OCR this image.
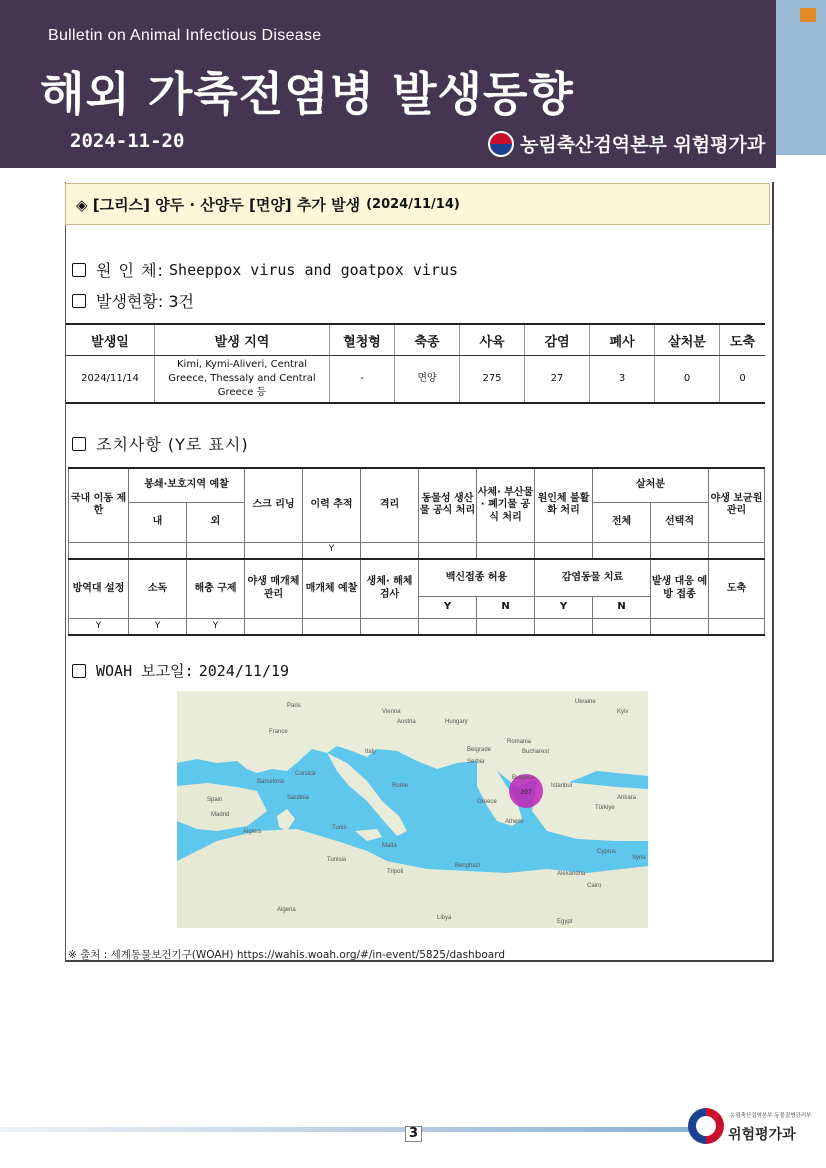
Bulletin on Animal Infectious Disease
해외 가축전염병 발생동향
2024-11-20	농림축산검역본부 위험평가과
◈ [그리스] 양두 · 산양두 [면양] 추가 발생 (2024/11/14)
원 인 체:
Sheeppox virus and goatpox virus
발생현황:
3건
발생일	발생 지역	혈청형	축종	사육	감염	폐사	살처분	도축
2024/11/14	Kimi, Kymi-Aliveri, Central Greece, Thessaly and Central Greece 등	-	면양	275	27	3	0	0
조치사항 (Y로 표시)
국내 이동 제한	봉쇄·보호지역 예찰		스크 리닝	이력 추적	격리	동물성 생산물 공식 처리	사체· 부산물· 폐기물 공식 처리	원인체 불활화 처리	살처분		야생 보균원 관리
	내	외							전체	선택적	
				Y							
방역대 설정	소독	해충 구제	야생 매개체 관리	매개체 예찰	생체· 해체 검사	백신접종 허용		감염동물 치료		발생 대응 예방 접종	도축
						Y	N	Y	N		
Y	Y	Y									
WOAH 보고일:
2024/11/19
207
Ukraine
France
Italy
Spain	Greece
Türkiye
Algeria
Libya
Egypt
Romania
Bulgaria
Hungary
Austria
Serbia
Tunisia
Malta
Cyprus
Syria
Ankara
Paris
Barcelona
Madrid
Rome
Athens
Istanbul
Bucharest
Belgrade
Vienna
Tunis
Tripoli
Benghazi
Alexandria
Cairo
Sardinia
Corsica
Algiers
Kyiv
※ 출처 : 세계동물보건기구(WOAH) https://wahis.woah.org/#/in-event/5825/dashboard
3
농림축산검역본부 동물질병관리부
위험평가과
